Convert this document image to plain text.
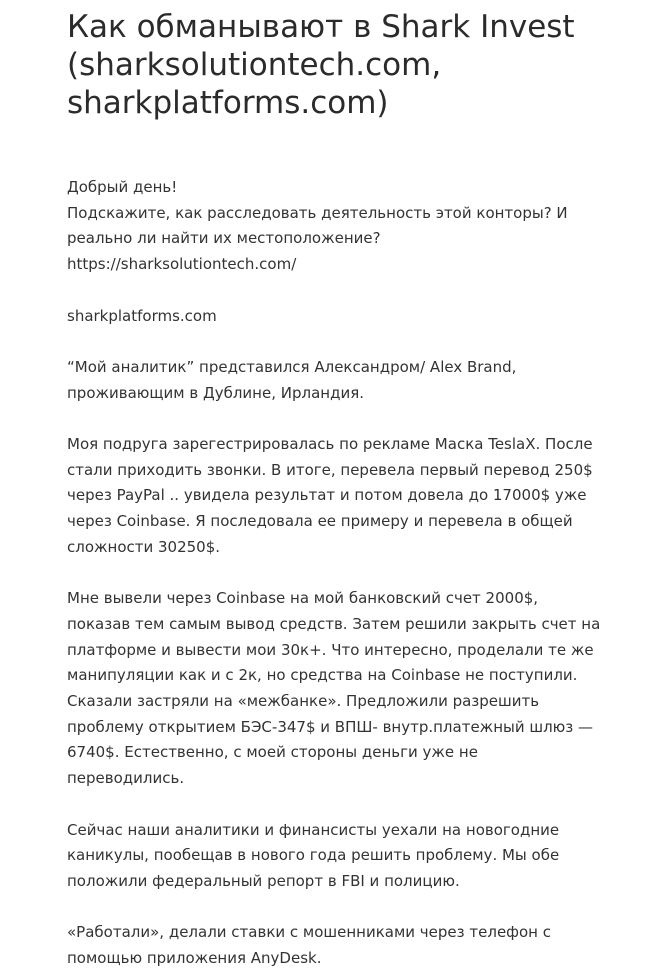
Как обманывают в Shark Invest
(sharksolutiontech.com,
sharkplatforms.com)

Добрый день!
Подскажите, как расследовать деятельность этой конторы? И
реально ли найти их местоположение?
https://sharksolutiontech.com/

sharkplatforms.com

“Мой аналитик” представился Александром/ Alex Brand,
проживающим в Дублине, Ирландия.

Моя подруга зарегестрировалась по рекламе Маска TeslaX. После
стали приходить звонки. В итоге, перевела первый перевод 250$
через PayPal .. увидела результат и потом довела до 17000$ уже
через Coinbase. Я последовала ее примеру и перевела в общей
сложности 30250$.

Мне вывели через Coinbase на мой банковский счет 2000$,
показав тем самым вывод средств. Затем решили закрыть счет на
платформе и вывести мои 30к+. Что интересно, проделали те же
манипуляции как и с 2к, но средства на Coinbase не поступили.
Сказали застряли на «межбанке». Предложили разрешить
проблему открытием БЭС-347$ и ВПШ- внутр.платежный шлюз —
6740$. Естественно, с моей стороны деньги уже не
переводились.

Сейчас наши аналитики и финансисты уехали на новогодние
каникулы, пообещав в нового года решить проблему. Мы обе
положили федеральный репорт в FBI и полицию.

«Работали», делали ставки с мошенниками через телефон с
помощью приложения AnyDesk.
